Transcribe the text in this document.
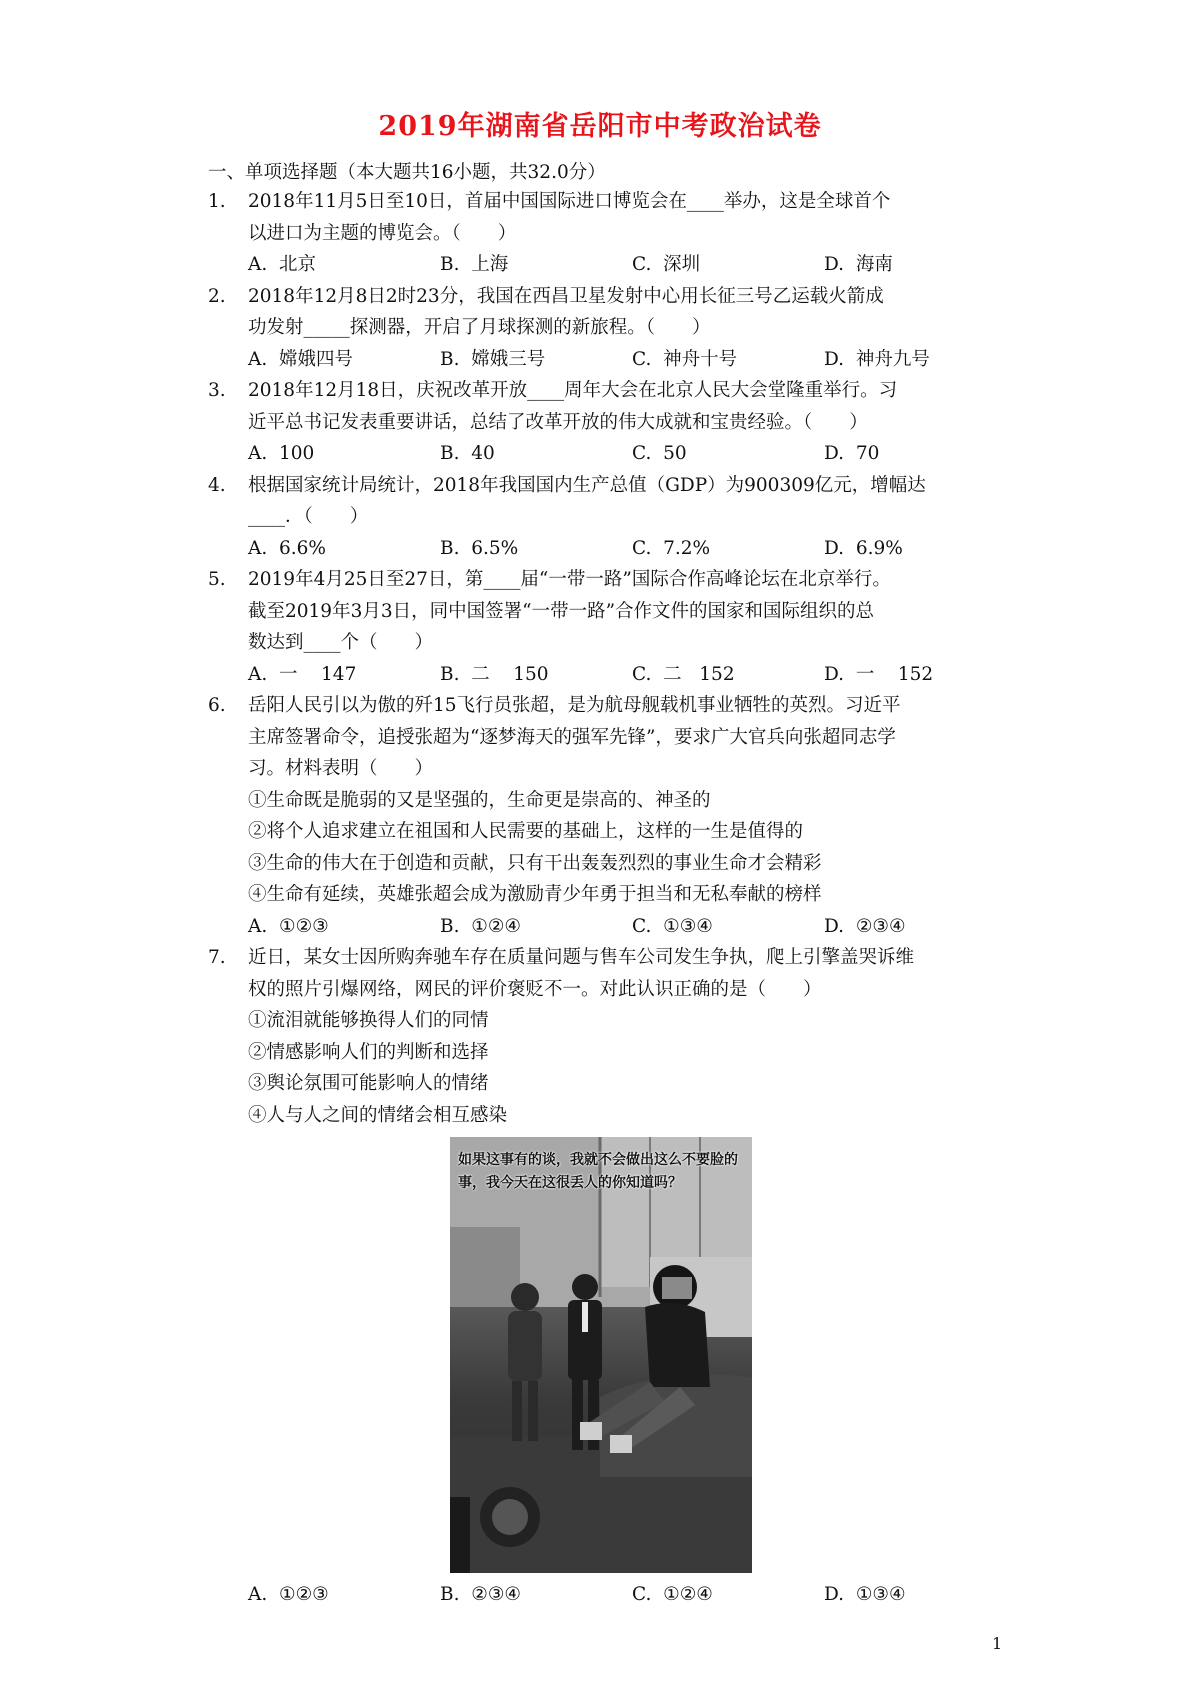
2019年湖南省岳阳市中考政治试卷
一、单项选择题（本大题共16小题，共32.0分）
1.	2018年11月5日至10日，首届中国国际进口博览会在____举办，这是全球首个

以进口为主题的博览会。（　　）

A.  北京	B.  上海	C.  深圳	D.  海南
2.	2018年12月8日2时23分，我国在西昌卫星发射中心用长征三号乙运载火箭成

功发射_____探测器，开启了月球探测的新旅程。（　　）

A.  嫦娥四号	B.  嫦娥三号	C.  神舟十号	D.  神舟九号
3.	2018年12月18日，庆祝改革开放____周年大会在北京人民大会堂隆重举行。习

近平总书记发表重要讲话，总结了改革开放的伟大成就和宝贵经验。（　　）

A.  100	B.  40	C.  50	D.  70
4.	根据国家统计局统计，2018年我国国内生产总值（GDP）为900309亿元，增幅达

____．（　　）

A.  6.6%	B.  6.5%	C.  7.2%	D.  6.9%
5.	2019年4月25日至27日，第____届“一带一路”国际合作高峰论坛在北京举行。

截至2019年3月3日，同中国签署“一带一路”合作文件的国家和国际组织的总

数达到____个（　　）

A.  一    147	B.  二    150	C.  二   152	D.  一    152
6.	岳阳人民引以为傲的歼15飞行员张超，是为航母舰载机事业牺牲的英烈。习近平

主席签署命令，追授张超为“逐梦海天的强军先锋”，要求广大官兵向张超同志学

习。材料表明（　　）

①生命既是脆弱的又是坚强的，生命更是崇高的、神圣的
②将个人追求建立在祖国和人民需要的基础上，这样的一生是值得的
③生命的伟大在于创造和贡献，只有干出轰轰烈烈的事业生命才会精彩
④生命有延续，英雄张超会成为激励青少年勇于担当和无私奉献的榜样
A.  ①②③	B.  ①②④	C.  ①③④	D.  ②③④
7.	近日，某女士因所购奔驰车存在质量问题与售车公司发生争执，爬上引擎盖哭诉维

权的照片引爆网络，网民的评价褒贬不一。对此认识正确的是（　　）

①流泪就能够换得人们的同情
②情感影响人们的判断和选择
③舆论氛围可能影响人的情绪
④人与人之间的情绪会相互感染
如果这事有的谈，我就不会做出这么不要脸的事，我今天在这很丢人的你知道吗？
A.  ①②③	B.  ②③④	C.  ①②④	D.  ①③④
1
